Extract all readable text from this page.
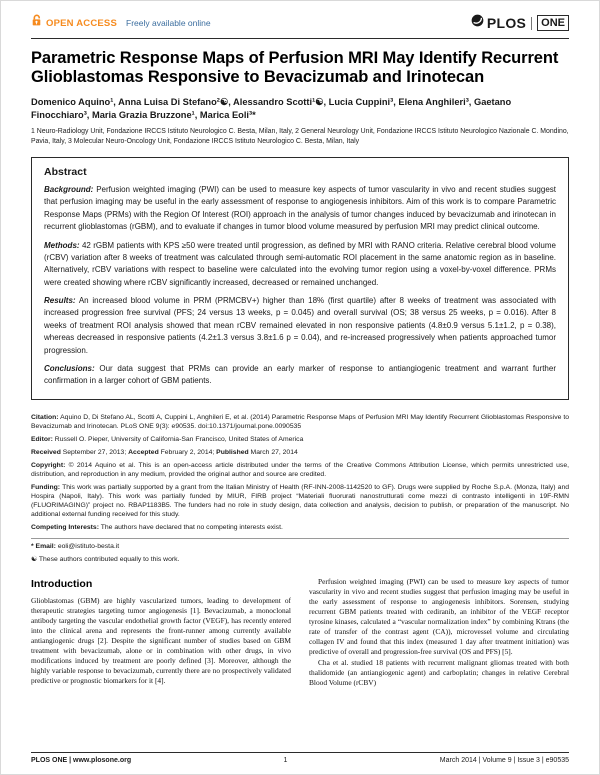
OPEN ACCESS Freely available online	PLOS	ONE
Parametric Response Maps of Perfusion MRI May Identify Recurrent Glioblastomas Responsive to Bevacizumab and Irinotecan

Domenico Aquino¹, Anna Luisa Di Stefano²☯, Alessandro Scotti¹☯, Lucia Cuppini³, Elena Anghileri³, Gaetano Finocchiaro³, Maria Grazia Bruzzone¹, Marica Eoli³*

1 Neuro-Radiology Unit, Fondazione IRCCS Istituto Neurologico C. Besta, Milan, Italy, 2 General Neurology Unit, Fondazione IRCCS Istituto Neurologico Nazionale C. Mondino, Pavia, Italy, 3 Molecular Neuro-Oncology Unit, Fondazione IRCCS Istituto Neurologico C. Besta, Milan, Italy

Abstract

Background: Perfusion weighted imaging (PWI) can be used to measure key aspects of tumor vascularity in vivo and recent studies suggest that perfusion imaging may be useful in the early assessment of response to angiogenesis inhibitors. Aim of this work is to compare Parametric Response Maps (PRMs) with the Region Of Interest (ROI) approach in the analysis of tumor changes induced by bevacizumab and irinotecan in recurrent glioblastomas (rGBM), and to evaluate if changes in tumor blood volume measured by perfusion MRI may predict clinical outcome.

Methods: 42 rGBM patients with KPS ≥50 were treated until progression, as defined by MRI with RANO criteria. Relative cerebral blood volume (rCBV) variation after 8 weeks of treatment was calculated through semi-automatic ROI placement in the same anatomic region as in baseline. Alternatively, rCBV variations with respect to baseline were calculated into the evolving tumor region using a voxel-by-voxel difference. PRMs were created showing where rCBV significantly increased, decreased or remained unchanged.

Results: An increased blood volume in PRM (PRMCBV+) higher than 18% (first quartile) after 8 weeks of treatment was associated with increased progression free survival (PFS; 24 versus 13 weeks, p = 0.045) and overall survival (OS; 38 versus 25 weeks, p = 0.016). After 8 weeks of treatment ROI analysis showed that mean rCBV remained elevated in non responsive patients (4.8±0.9 versus 5.1±1.2, p = 0.38), whereas decreased in responsive patients (4.2±1.3 versus 3.8±1.6 p = 0.04), and re-increased progressively when patients approached tumor progression.

Conclusions: Our data suggest that PRMs can provide an early marker of response to antiangiogenic treatment and warrant further confirmation in a larger cohort of GBM patients.

Citation: Aquino D, Di Stefano AL, Scotti A, Cuppini L, Anghileri E, et al. (2014) Parametric Response Maps of Perfusion MRI May Identify Recurrent Glioblastomas Responsive to Bevacizumab and Irinotecan. PLoS ONE 9(3): e90535. doi:10.1371/journal.pone.0090535

Editor: Russell O. Pieper, University of California-San Francisco, United States of America

Received September 27, 2013; Accepted February 2, 2014; Published March 27, 2014

Copyright: © 2014 Aquino et al. This is an open-access article distributed under the terms of the Creative Commons Attribution License, which permits unrestricted use, distribution, and reproduction in any medium, provided the original author and source are credited.

Funding: This work was partially supported by a grant from the Italian Ministry of Health (RF-INN-2008-1142520 to GF). Drugs were supplied by Roche S.p.A. (Monza, Italy) and Hospira (Napoli, Italy). This work was partially funded by MIUR, FIRB project “Materiali fluorurati nanostrutturati come mezzi di contrasto intelligenti in 19F-RMN (FLUORIMAGING)” project no. RBAP1183B5. The funders had no role in study design, data collection and analysis, decision to publish, or preparation of the manuscript. No additional external funding received for this study.

Competing Interests: The authors have declared that no competing interests exist.

* Email: eoli@istituto-besta.it

☯ These authors contributed equally to this work.

Introduction

Glioblastomas (GBM) are highly vascularized tumors, leading to development of therapeutic strategies targeting tumor angiogenesis [1]. Bevacizumab, a monoclonal antibody targeting the vascular endothelial growth factor (VEGF), has recently entered into the clinical arena and represents the front-runner among currently available antiangiogenic drugs [2]. Despite the significant number of studies based on GBM treatment with bevacizumab, alone or in combination with other drugs, in vivo modifications induced by treatment are poorly defined [3]. Moreover, although the highly variable response to bevacizumab, currently there are no prospectively validated predictive or prognostic biomarkers for it [4].

Perfusion weighted imaging (PWI) can be used to measure key aspects of tumor vascularity in vivo and recent studies suggest that perfusion imaging may be useful in the early assessment of response to angiogenesis inhibitors. Sorensen, studying recurrent GBM patients treated with cediranib, an inhibitor of the VEGF receptor tyrosine kinases, calculated a “vascular normalization index” by combining Ktrans (the rate of transfer of the contrast agent (CA)), microvessel volume and circulating collagen IV and found that this index (measured 1 day after treatment initiation) was predictive of overall and progression-free survival (OS and PFS) [5].

Cha et al. studied 18 patients with recurrent malignant gliomas treated with both thalidomide (an antiangiogenic agent) and carboplatin; changes in relative Cerebral Blood Volume (rCBV)

PLOS ONE | www.plosone.org	1	March 2014 | Volume 9 | Issue 3 | e90535
